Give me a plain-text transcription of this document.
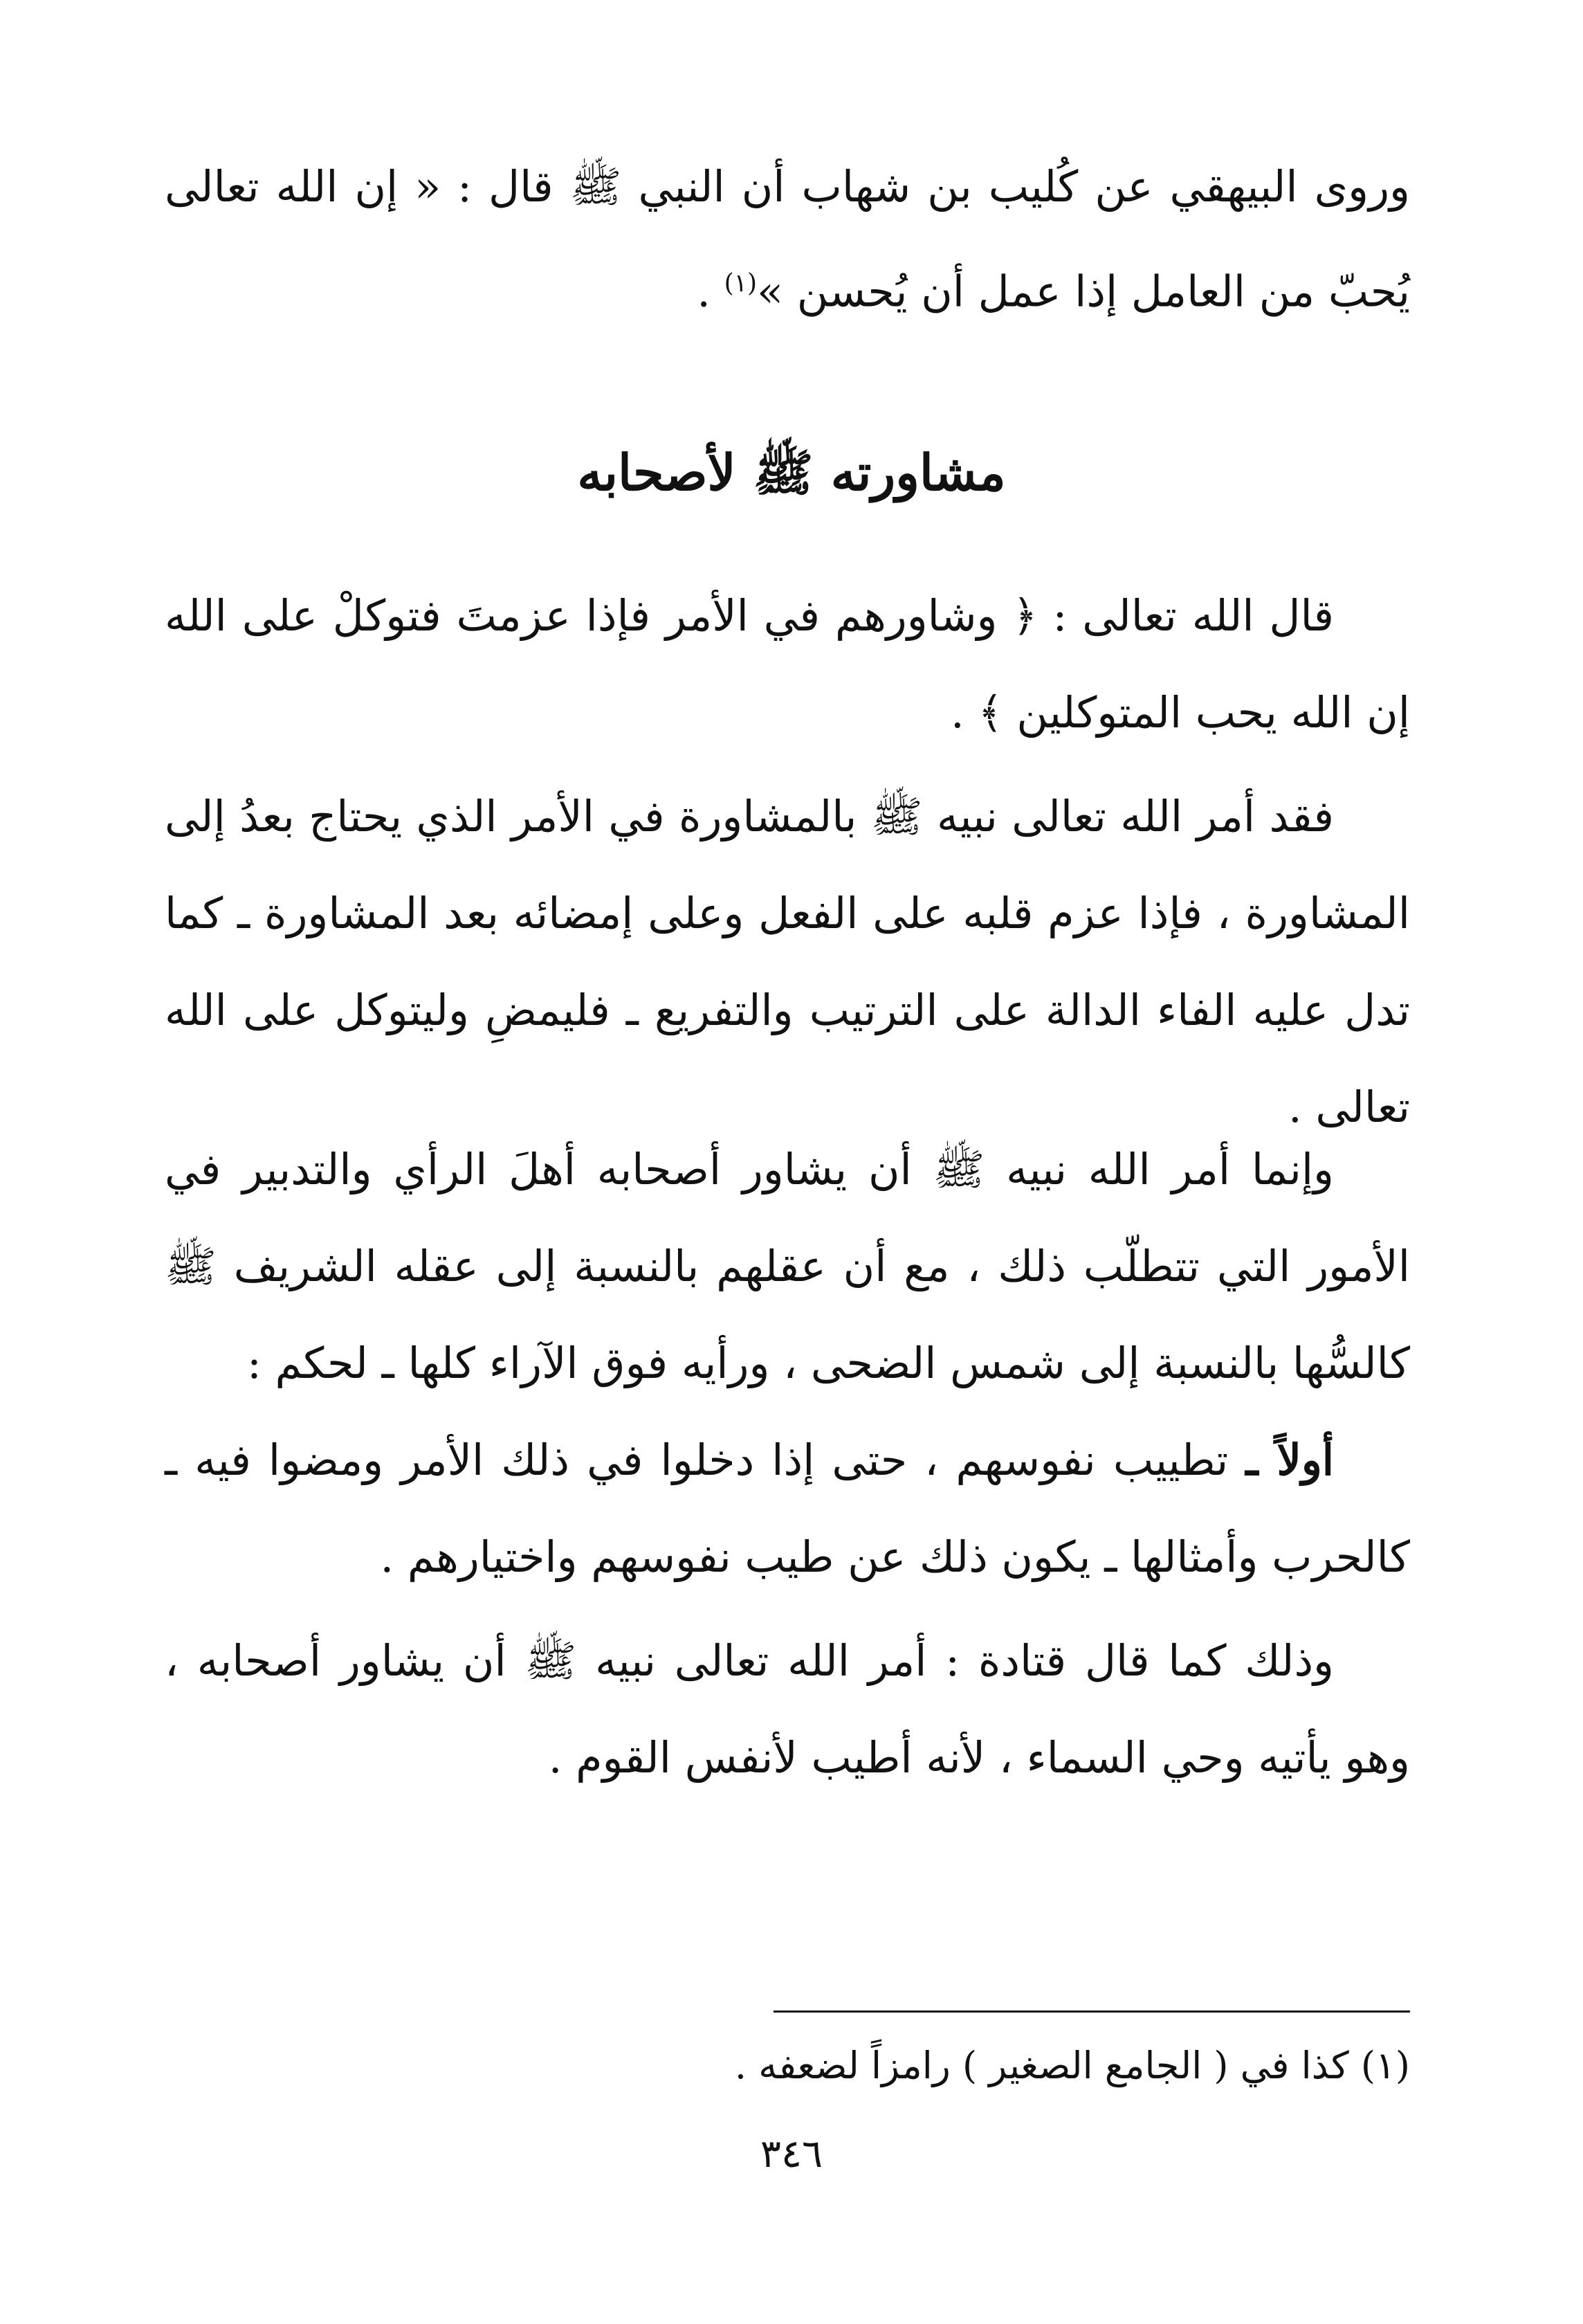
وروى البيهقي عن كُليب بن شهاب أن النبي ﷺ قال : « إن الله تعالى يُحبّ من العامل إذا عمل أن يُحسن »$^{(١)}$ .
مشاورته ﷺ لأصحابه
قال الله تعالى : ﴿ وشاورهم في الأمر فإذا عزمتَ فتوكلْ على الله إن الله يحب المتوكلين ﴾ .
فقد أمر الله تعالى نبيه ﷺ بالمشاورة في الأمر الذي يحتاج بعدُ إلى المشاورة ، فإذا عزم قلبه على الفعل وعلى إمضائه بعد المشاورة ـ كما تدل عليه الفاء الدالة على الترتيب والتفريع ـ فليمضِ وليتوكل على الله تعالى .
وإنما أمر الله نبيه ﷺ أن يشاور أصحابه أهلَ الرأي والتدبير في الأمور التي تتطلّب ذلك ، مع أن عقلهم بالنسبة إلى عقله الشريف ﷺ كالسُّها بالنسبة إلى شمس الضحى ، ورأيه فوق الآراء كلها ـ لحكم :
أولاً ـ تطييب نفوسهم ، حتى إذا دخلوا في ذلك الأمر ومضوا فيه ـ كالحرب وأمثالها ـ يكون ذلك عن طيب نفوسهم واختيارهم .
وذلك كما قال قتادة : أمر الله تعالى نبيه ﷺ أن يشاور أصحابه ، وهو يأتيه وحي السماء ، لأنه أطيب لأنفس القوم .
(١) كذا في ( الجامع الصغير ) رامزاً لضعفه .
٣٤٦
